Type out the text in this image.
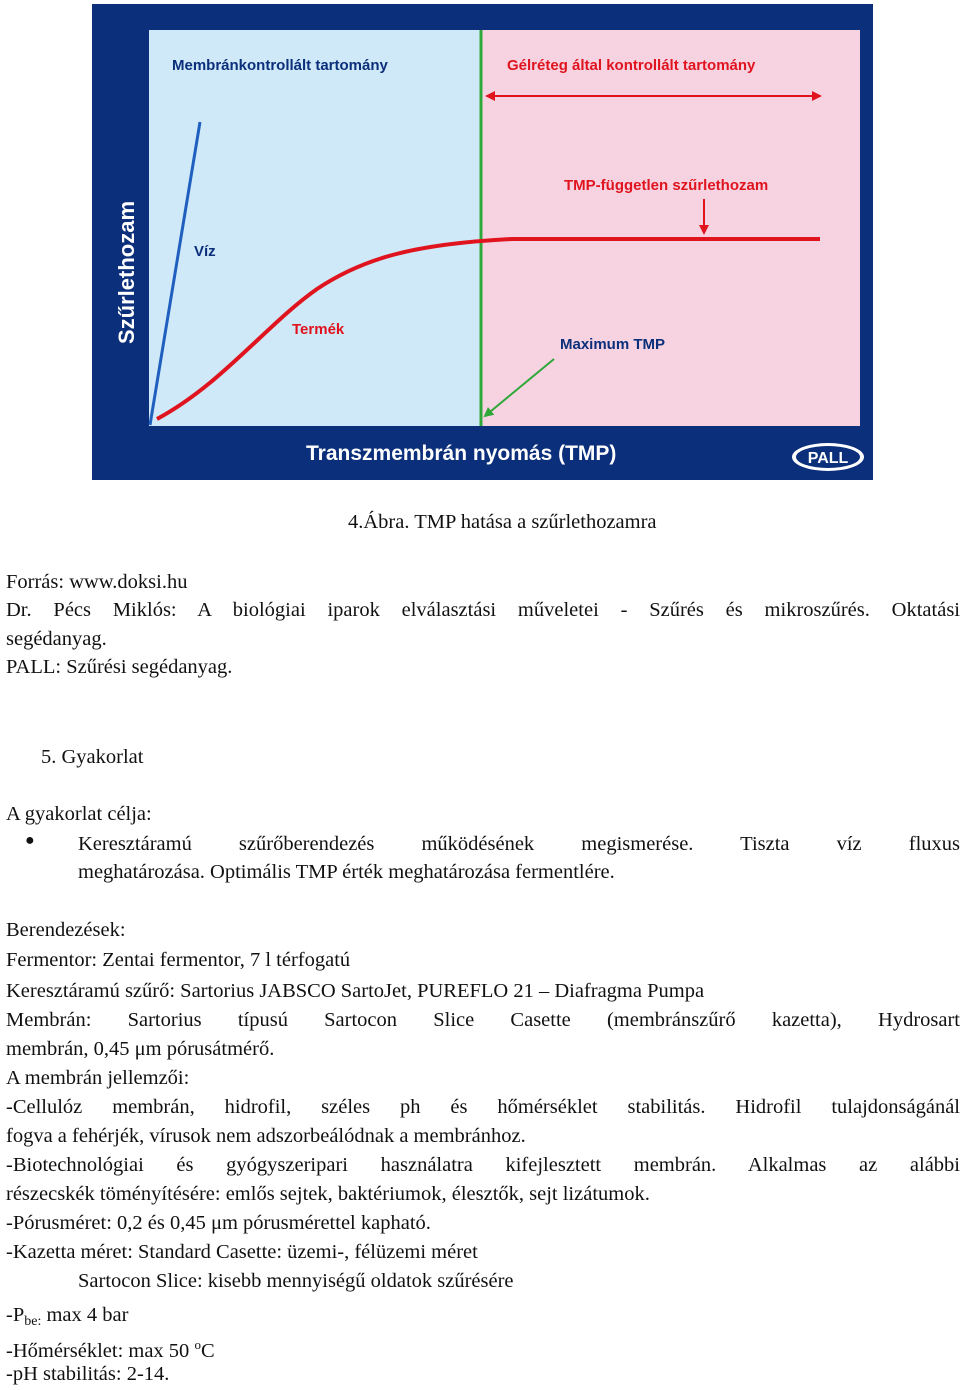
Membránkontrollált tartomány	Gélréteg által kontrollált tartomány
Szűrlethozam
Transzmembrán nyomás (TMP)
Víz
Termék
TMP-független szűrlethozam
Maximum TMP
PALL
4.Ábra. TMP hatása a szűrlethozamra
Forrás: www.doksi.hu
Dr. Pécs Miklós: A biológiai iparok elválasztási műveletei - Szűrés és mikroszűrés. Oktatási
segédanyag.
PALL: Szűrési segédanyag.
5. Gyakorlat
A gyakorlat célja:
● Keresztáramú szűrőberendezés működésének megismerése. Tiszta víz fluxus
meghatározása. Optimális TMP érték meghatározása fermentlére.
Berendezések:
Fermentor: Zentai fermentor, 7 l térfogatú
Keresztáramú szűrő: Sartorius JABSCO SartoJet, PUREFLO 21 – Diafragma Pumpa
Membrán: Sartorius típusú Sartocon Slice Casette (membránszűrő kazetta), Hydrosart
membrán, 0,45 μm pórusátmérő.
A membrán jellemzői:
-Cellulóz membrán, hidrofil, széles ph és hőmérséklet stabilitás. Hidrofil tulajdonságánál
fogva a fehérjék, vírusok nem adszorbeálódnak a membránhoz.
-Biotechnológiai és gyógyszeripari használatra kifejlesztett membrán. Alkalmas az alábbi
részecskék töményítésére: emlős sejtek, baktériumok, élesztők, sejt lizátumok.
-Pórusméret: 0,2 és 0,45 μm pórusmérettel kapható.
-Kazetta méret: Standard Casette: üzemi-, félüzemi méret
Sartocon Slice: kisebb mennyiségű oldatok szűrésére
$-P_{be:}$ max 4 bar
-Hőmérséklet: max 50 $^o$C
-pH stabilitás: 2-14.
